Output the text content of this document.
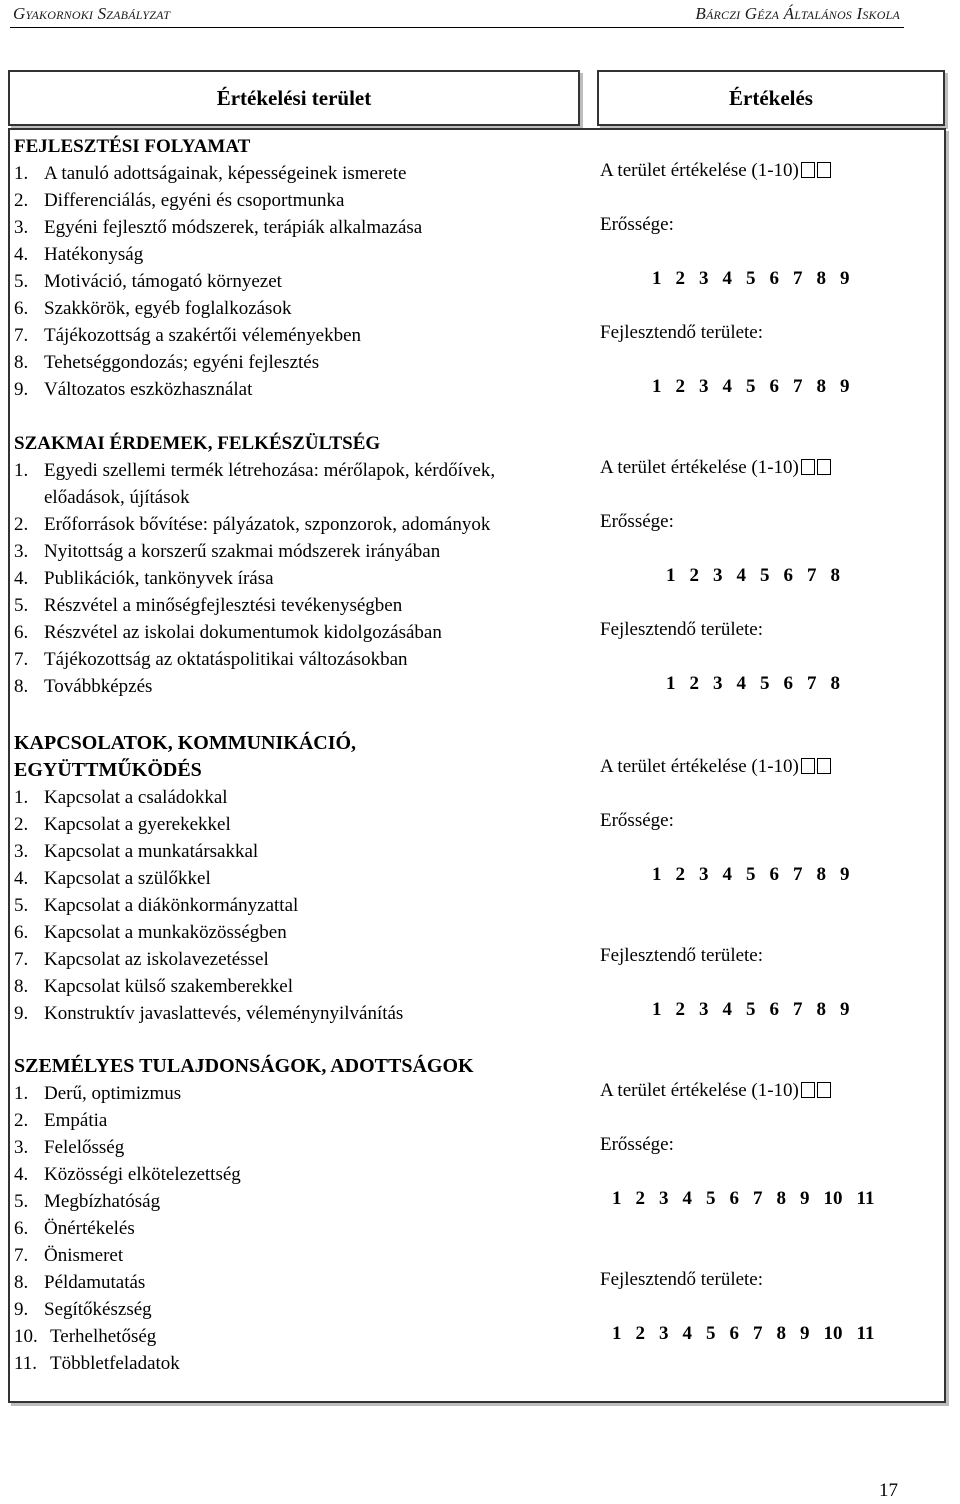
Gyakornoki Szabályzat	Bárczi Géza Általános Iskola
Értékelési terület	Értékelés
FEJLESZTÉSI FOLYAMAT
1. A tanuló adottságainak, képességeinek ismerete
2. Differenciálás, egyéni és csoportmunka
3. Egyéni fejlesztő módszerek, terápiák alkalmazása
4. Hatékonyság
5. Motiváció, támogató környezet
6. Szakkörök, egyéb foglalkozások
7. Tájékozottság a szakértői véleményekben
8. Tehetséggondozás; egyéni fejlesztés
9. Változatos eszközhasználat
A terület értékelése (1-10)
Erőssége:
1 2 3 4 5 6 7 8 9
Fejlesztendő területe:
1 2 3 4 5 6 7 8 9
SZAKMAI ÉRDEMEK, FELKÉSZÜLTSÉG
1. Egyedi szellemi termék létrehozása: mérőlapok, kérdőívek, előadások, újítások
2. Erőforrások bővítése: pályázatok, szponzorok, adományok
3. Nyitottság a korszerű szakmai módszerek irányában
4. Publikációk, tankönyvek írása
5. Részvétel a minőségfejlesztési tevékenységben
6. Részvétel az iskolai dokumentumok kidolgozásában
7. Tájékozottság az oktatáspolitikai változásokban
8. Továbbképzés
A terület értékelése (1-10)
Erőssége:
1 2 3 4 5 6 7 8
Fejlesztendő területe:
1 2 3 4 5 6 7 8
KAPCSOLATOK, KOMMUNIKÁCIÓ, EGYÜTTMŰKÖDÉS
1. Kapcsolat a családokkal
2. Kapcsolat a gyerekekkel
3. Kapcsolat a munkatársakkal
4. Kapcsolat a szülőkkel
5. Kapcsolat a diákönkormányzattal
6. Kapcsolat a munkaközösségben
7. Kapcsolat az iskolavezetéssel
8. Kapcsolat külső szakemberekkel
9. Konstruktív javaslattevés, véleménynyilvánítás
A terület értékelése (1-10)
Erőssége:
1 2 3 4 5 6 7 8 9
Fejlesztendő területe:
1 2 3 4 5 6 7 8 9
SZEMÉLYES TULAJDONSÁGOK, ADOTTSÁGOK
1. Derű, optimizmus
2. Empátia
3. Felelősség
4. Közösségi elkötelezettség
5. Megbízhatóság
6. Önértékelés
7. Önismeret
8. Példamutatás
9. Segítőkészség
10. Terhelhetőség
11. Többletfeladatok
A terület értékelése (1-10)
Erőssége:
1 2 3 4 5 6 7 8 9 10 11
Fejlesztendő területe:
1 2 3 4 5 6 7 8 9 10 11
17
